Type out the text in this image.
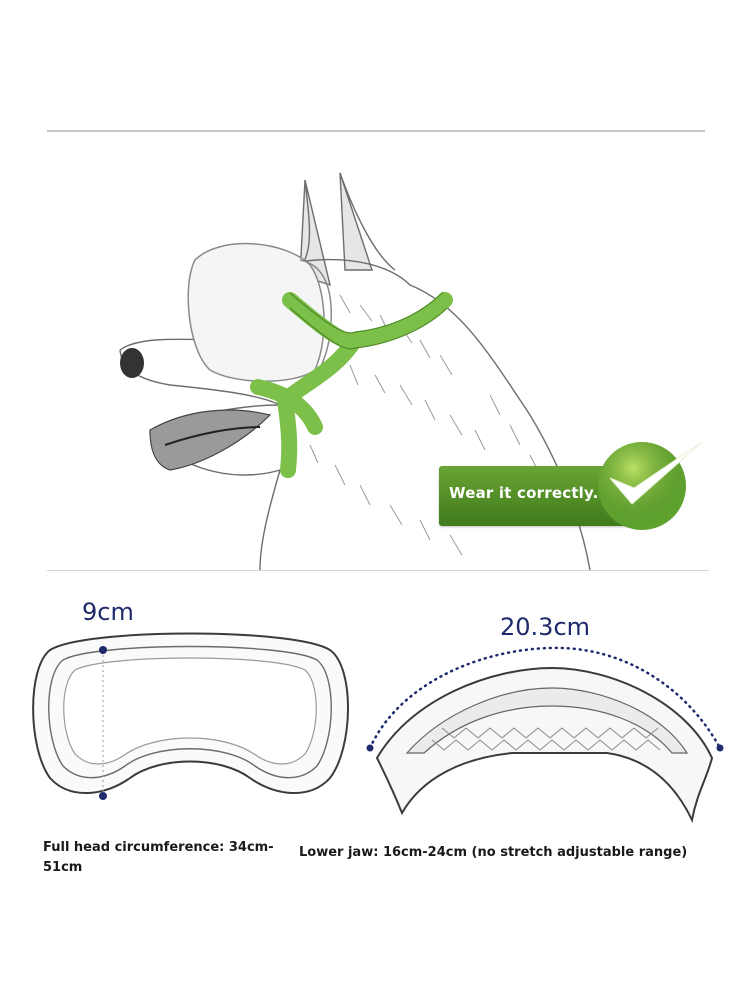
Wear it correctly.
9cm
20.3cm
Full head circumference: 34cm-51cm
Lower jaw: 16cm-24cm (no stretch adjustable range)
